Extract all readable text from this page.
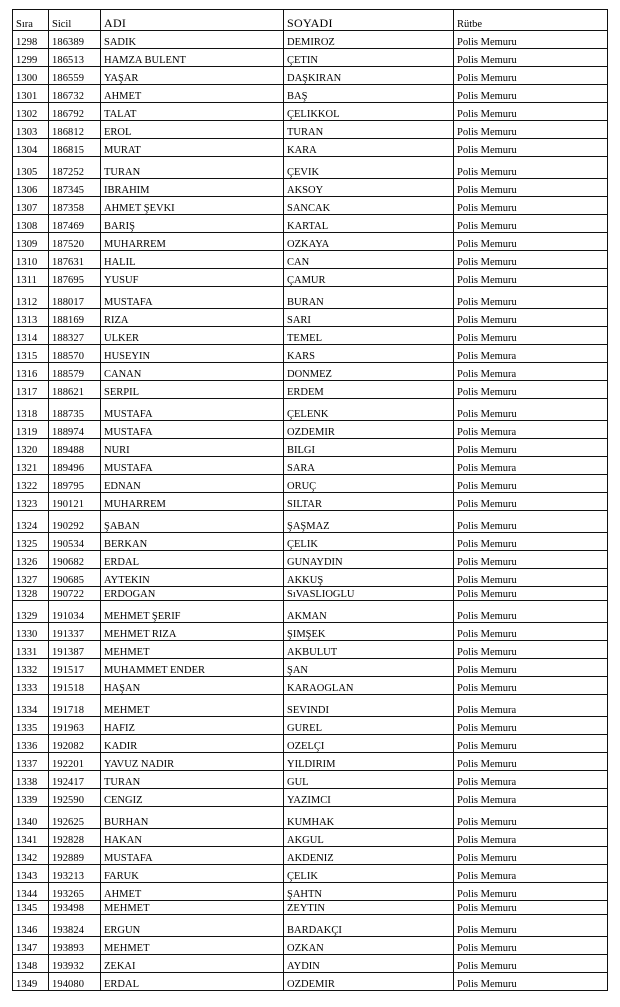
Sıra	Sicil	ADI	SOYADI	Rütbe
1298	186389	SADIK	DEMIROZ	Polis Memuru
1299	186513	HAMZA BULENT	ÇETIN	Polis Memuru
1300	186559	YAŞAR	DAŞKIRAN	Polis Memuru
1301	186732	AHMET	BAŞ	Polis Memuru
1302	186792	TALAT	ÇELIKKOL	Polis Memuru
1303	186812	EROL	TURAN	Polis Memuru
1304	186815	MURAT	KARA	Polis Memuru
1305	187252	TURAN	ÇEVIK	Polis Memuru
1306	187345	IBRAHIM	AKSOY	Polis Memuru
1307	187358	AHMET ŞEVKI	SANCAK	Polis Memuru
1308	187469	BARIŞ	KARTAL	Polis Memuru
1309	187520	MUHARREM	OZKAYA	Polis Memuru
1310	187631	HALIL	CAN	Polis Memuru
1311	187695	YUSUF	ÇAMUR	Polis Memuru
1312	188017	MUSTAFA	BURAN	Polis Memuru
1313	188169	RIZA	SARI	Polis Memuru
1314	188327	ULKER	TEMEL	Polis Memuru
1315	188570	HUSEYIN	KARS	Polis Memura
1316	188579	CANAN	DONMEZ	Polis Memura
1317	188621	SERPIL	ERDEM	Polis Memuru
1318	188735	MUSTAFA	ÇELENK	Polis Memuru
1319	188974	MUSTAFA	OZDEMIR	Polis Memura
1320	189488	NURI	BILGI	Polis Memuru
1321	189496	MUSTAFA	SARA	Polis Memura
1322	189795	EDNAN	ORUÇ	Polis Memuru
1323	190121	MUHARREM	SILTAR	Polis Memuru
1324	190292	ŞABAN	ŞAŞMAZ	Polis Memuru
1325	190534	BERKAN	ÇELIK	Polis Memuru
1326	190682	ERDAL	GUNAYDIN	Polis Memuru
1327	190685	AYTEKIN	AKKUŞ	Polis Memuru
1328	190722	ERDOGAN	SıVASLIOGLU	Polis Memuru
1329	191034	MEHMET ŞERIF	AKMAN	Polis Memuru
1330	191337	MEHMET RIZA	ŞIMŞEK	Polis Memuru
1331	191387	MEHMET	AKBULUT	Polis Memuru
1332	191517	MUHAMMET ENDER	ŞAN	Polis Memuru
1333	191518	HAŞAN	KARAOGLAN	Polis Memuru
1334	191718	MEHMET	SEVINDI	Polis Memura
1335	191963	HAFIZ	GUREL	Polis Memuru
1336	192082	KADIR	OZELÇI	Polis Memuru
1337	192201	YAVUZ NADIR	YILDIRIM	Polis Memuru
1338	192417	TURAN	GUL	Polis Memura
1339	192590	CENGIZ	YAZIMCI	Polis Memura
1340	192625	BURHAN	KUMHAK	Polis Memuru
1341	192828	HAKAN	AKGUL	Polis Memura
1342	192889	MUSTAFA	AKDENIZ	Polis Memuru
1343	193213	FARUK	ÇELIK	Polis Memura
1344	193265	AHMET	ŞAHTN	Polis Memuru
1345	193498	MEHMET	ZEYTIN	Polis Memuru
1346	193824	ERGUN	BARDAKÇI	Polis Memuru
1347	193893	MEHMET	OZKAN	Polis Memuru
1348	193932	ZEKAI	AYDIN	Polis Memuru
1349	194080	ERDAL	OZDEMIR	Polis Memuru
